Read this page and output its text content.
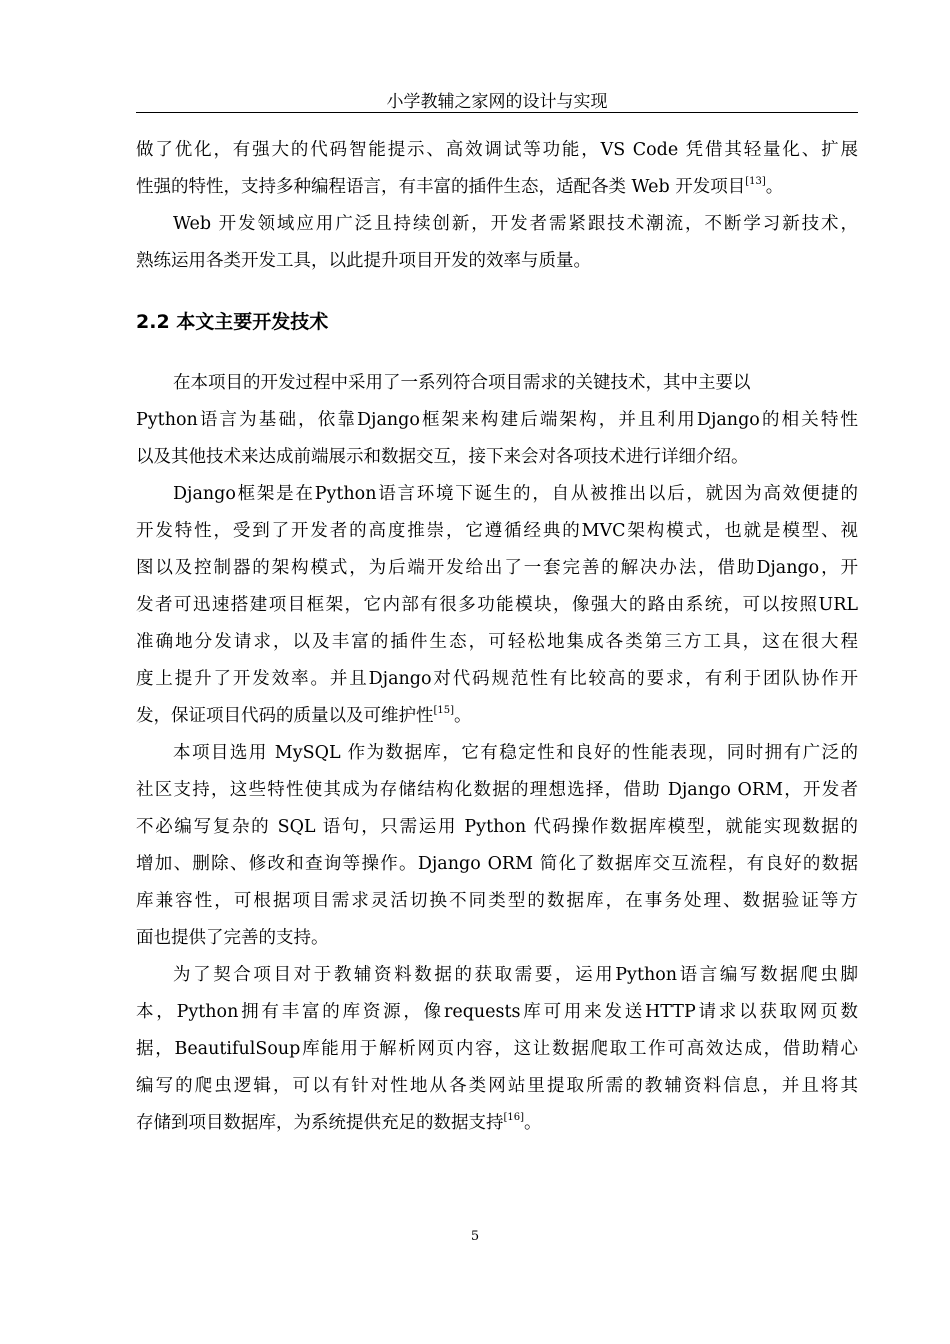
小学教辅之家网的设计与实现
做了优化，有强大的代码智能提示、高效调试等功能，VS Code 凭借其轻量化、扩展
性强的特性，支持多种编程语言，有丰富的插件生态，适配各类 Web 开发项目[13]。
Web 开发领域应用广泛且持续创新，开发者需紧跟技术潮流，不断学习新技术，
熟练运用各类开发工具，以此提升项目开发的效率与质量。
2.2 本文主要开发技术
在本项目的开发过程中采用了一系列符合项目需求的关键技术，其中主要以
Python语言为基础，依靠Django框架来构建后端架构，并且利用Django的相关特性
以及其他技术来达成前端展示和数据交互，接下来会对各项技术进行详细介绍。
Django框架是在Python语言环境下诞生的，自从被推出以后，就因为高效便捷的
开发特性，受到了开发者的高度推崇，它遵循经典的MVC架构模式，也就是模型、视
图以及控制器的架构模式，为后端开发给出了一套完善的解决办法，借助Django，开
发者可迅速搭建项目框架，它内部有很多功能模块，像强大的路由系统，可以按照URL
准确地分发请求，以及丰富的插件生态，可轻松地集成各类第三方工具，这在很大程
度上提升了开发效率。并且Django对代码规范性有比较高的要求，有利于团队协作开
发，保证项目代码的质量以及可维护性[15]。
本项目选用 MySQL 作为数据库，它有稳定性和良好的性能表现，同时拥有广泛的
社区支持，这些特性使其成为存储结构化数据的理想选择，借助 Django ORM，开发者
不必编写复杂的 SQL 语句，只需运用 Python 代码操作数据库模型，就能实现数据的
增加、删除、修改和查询等操作。Django ORM 简化了数据库交互流程，有良好的数据
库兼容性，可根据项目需求灵活切换不同类型的数据库，在事务处理、数据验证等方
面也提供了完善的支持。
为了契合项目对于教辅资料数据的获取需要，运用Python语言编写数据爬虫脚
本，Python拥有丰富的库资源，像requests库可用来发送HTTP请求以获取网页数
据，BeautifulSoup库能用于解析网页内容，这让数据爬取工作可高效达成，借助精心
编写的爬虫逻辑，可以有针对性地从各类网站里提取所需的教辅资料信息，并且将其
存储到项目数据库，为系统提供充足的数据支持[16]。
5
